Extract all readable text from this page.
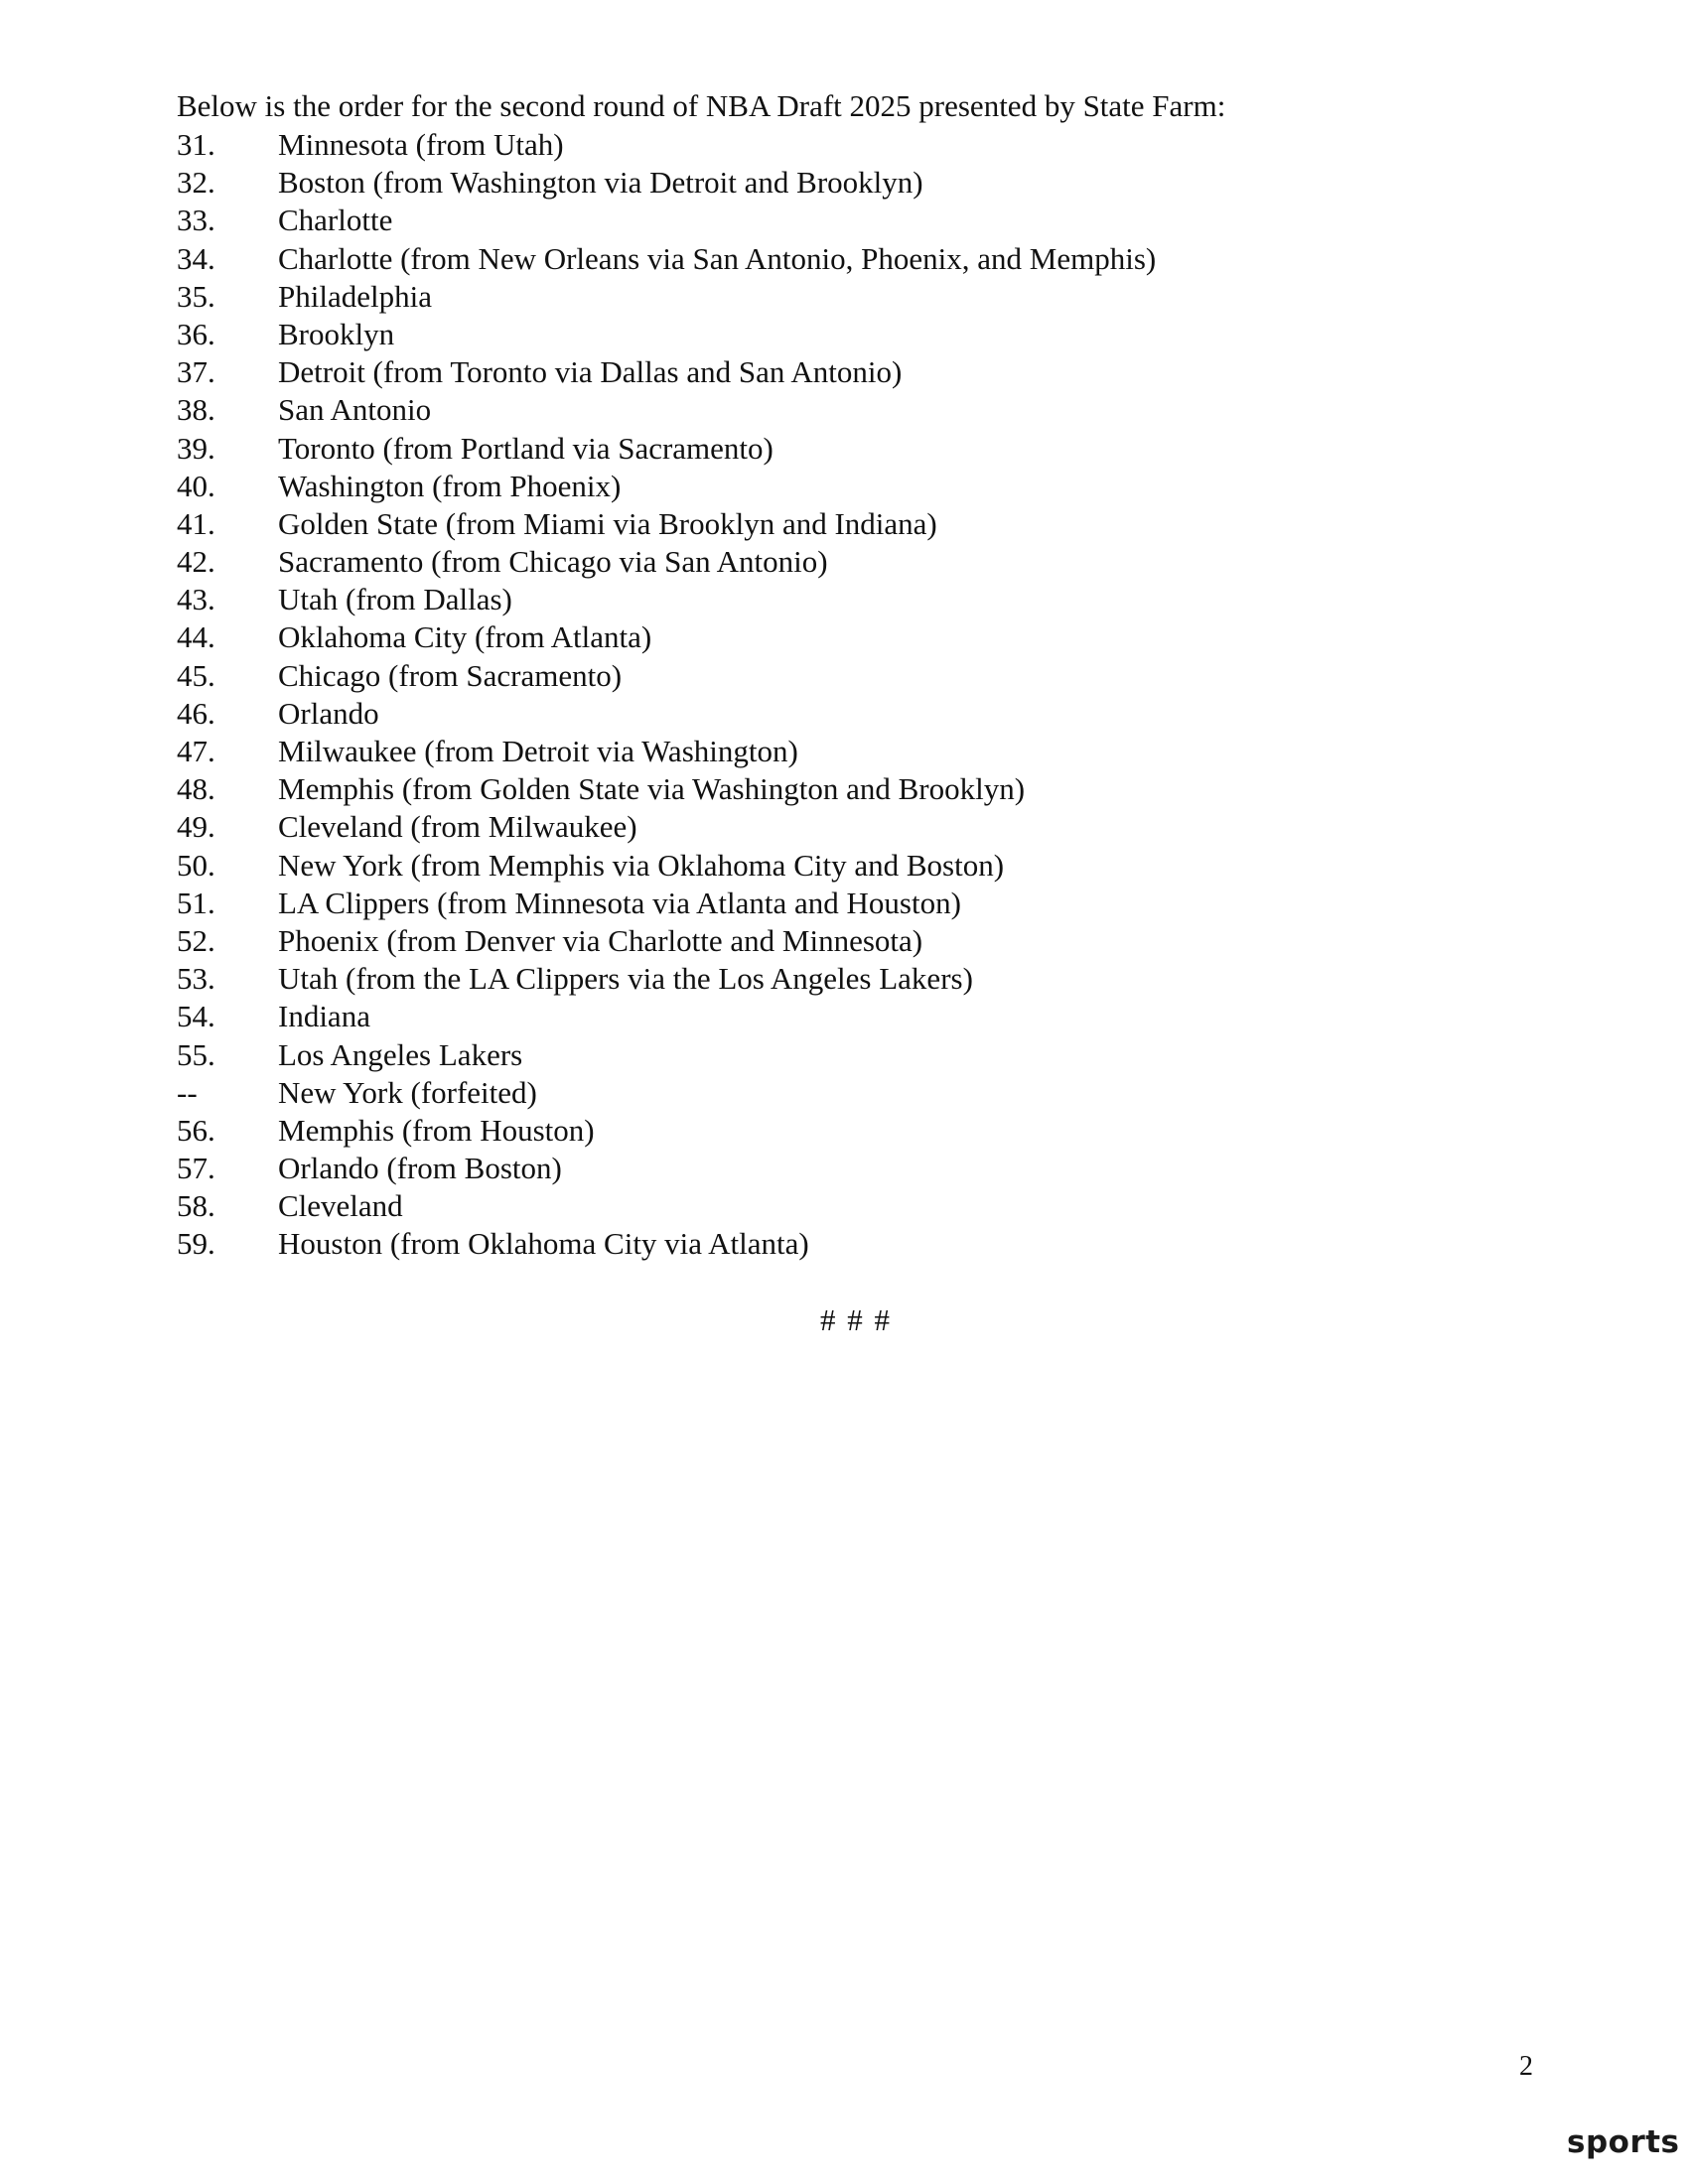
Below is the order for the second round of NBA Draft 2025 presented by State Farm:
31.	Minnesota (from Utah)
32.	Boston (from Washington via Detroit and Brooklyn)
33.	Charlotte
34.	Charlotte (from New Orleans via San Antonio, Phoenix, and Memphis)
35.	Philadelphia
36.	Brooklyn
37.	Detroit (from Toronto via Dallas and San Antonio)
38.	San Antonio
39.	Toronto (from Portland via Sacramento)
40.	Washington (from Phoenix)
41.	Golden State (from Miami via Brooklyn and Indiana)
42.	Sacramento (from Chicago via San Antonio)
43.	Utah (from Dallas)
44.	Oklahoma City (from Atlanta)
45.	Chicago (from Sacramento)
46.	Orlando
47.	Milwaukee (from Detroit via Washington)
48.	Memphis (from Golden State via Washington and Brooklyn)
49.	Cleveland (from Milwaukee)
50.	New York (from Memphis via Oklahoma City and Boston)
51.	LA Clippers (from Minnesota via Atlanta and Houston)
52.	Phoenix (from Denver via Charlotte and Minnesota)
53.	Utah (from the LA Clippers via the Los Angeles Lakers)
54.	Indiana
55.	Los Angeles Lakers
--	New York (forfeited)
56.	Memphis (from Houston)
57.	Orlando (from Boston)
58.	Cleveland
59.	Houston (from Oklahoma City via Atlanta)
# # #
2
sports
